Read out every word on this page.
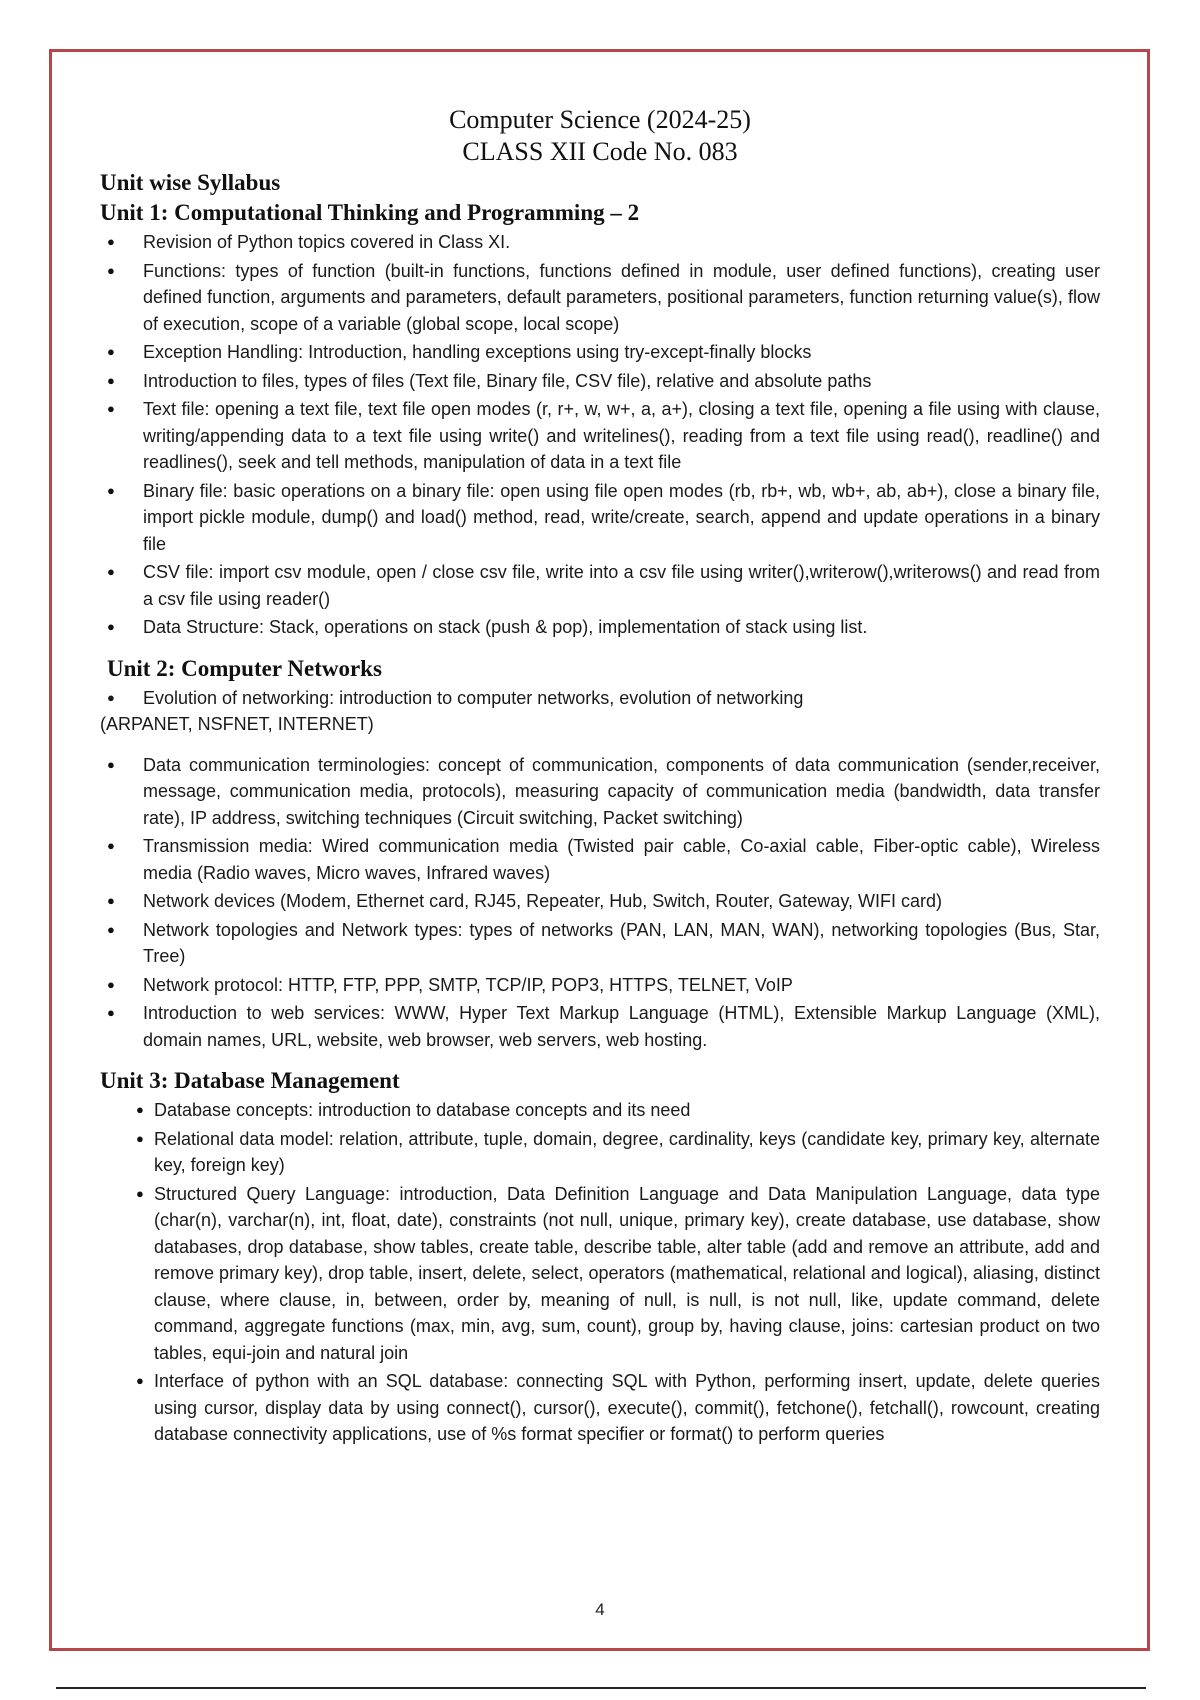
Computer Science (2024-25)
CLASS XII Code No. 083
Unit wise Syllabus
Unit 1: Computational Thinking and Programming – 2
● Revision of Python topics covered in Class XI.
● Functions: types of function (built-in functions, functions defined in module, user defined functions), creating user defined function, arguments and parameters, default parameters, positional parameters, function returning value(s), flow of execution, scope of a variable (global scope, local scope)
● Exception Handling: Introduction, handling exceptions using try-except-finally blocks
● Introduction to files, types of files (Text file, Binary file, CSV file), relative and absolute paths
● Text file: opening a text file, text file open modes (r, r+, w, w+, a, a+), closing a text file, opening a file using with clause, writing/appending data to a text file using write() and writelines(), reading from a text file using read(), readline() and readlines(), seek and tell methods, manipulation of data in a text file
● Binary file: basic operations on a binary file: open using file open modes (rb, rb+, wb, wb+, ab, ab+), close a binary file, import pickle module, dump() and load() method, read, write/create, search, append and update operations in a binary file
● CSV file: import csv module, open / close csv file, write into a csv file using writer(),writerow(),writerows() and read from a csv file using reader()
● Data Structure: Stack, operations on stack (push & pop), implementation of stack using list.
Unit 2: Computer Networks
●	Evolution of networking: introduction to computer networks, evolution of networking
(ARPANET, NSFNET, INTERNET)
● Data communication terminologies: concept of communication, components of data communication (sender,receiver, message, communication media, protocols), measuring capacity of communication media (bandwidth, data transfer rate), IP address, switching techniques (Circuit switching, Packet switching)
● Transmission media: Wired communication media (Twisted pair cable, Co-axial cable, Fiber-optic cable), Wireless media (Radio waves, Micro waves, Infrared waves)
● Network devices (Modem, Ethernet card, RJ45, Repeater, Hub, Switch, Router, Gateway, WIFI card)
● Network topologies and Network types: types of networks (PAN, LAN, MAN, WAN), networking topologies (Bus, Star, Tree)
● Network protocol: HTTP, FTP, PPP, SMTP, TCP/IP, POP3, HTTPS, TELNET, VoIP
● Introduction to web services: WWW, Hyper Text Markup Language (HTML), Extensible Markup Language (XML), domain names, URL, website, web browser, web servers, web hosting.
Unit 3: Database Management
● Database concepts: introduction to database concepts and its need
● Relational data model: relation, attribute, tuple, domain, degree, cardinality, keys (candidate key, primary key, alternate key, foreign key)
● Structured Query Language: introduction, Data Definition Language and Data Manipulation Language, data type (char(n), varchar(n), int, float, date), constraints (not null, unique, primary key), create database, use database, show databases, drop database, show tables, create table, describe table, alter table (add and remove an attribute, add and remove primary key), drop table, insert, delete, select, operators (mathematical, relational and logical), aliasing, distinct clause, where clause, in, between, order by, meaning of null, is null, is not null, like, update command, delete command, aggregate functions (max, min, avg, sum, count), group by, having clause, joins: cartesian product on two tables, equi-join and natural join
● Interface of python with an SQL database: connecting SQL with Python, performing insert, update, delete queries using cursor, display data by using connect(), cursor(), execute(), commit(), fetchone(), fetchall(), rowcount, creating database connectivity applications, use of %s format specifier or format() to perform queries
4
